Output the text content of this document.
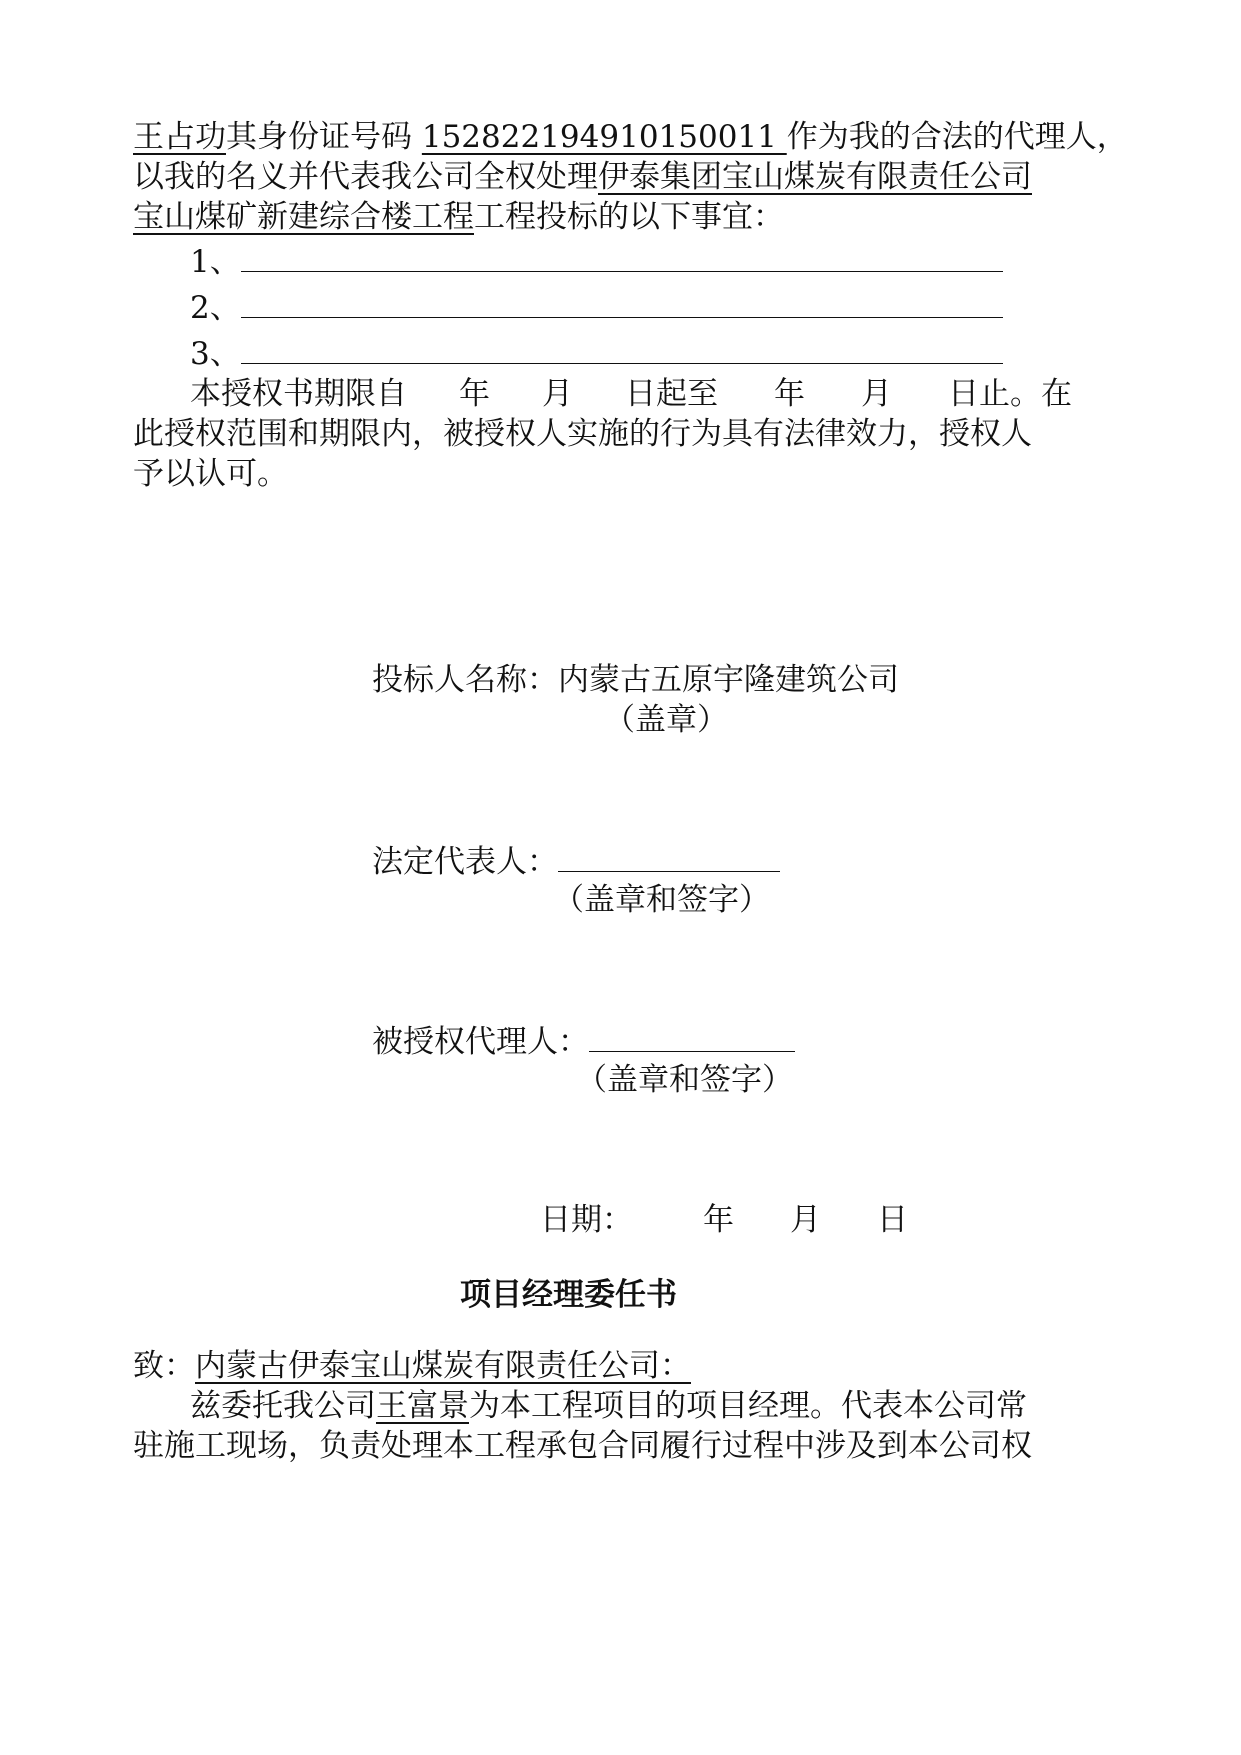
王占功其身份证号码 152822194910150011 作为我的合法的代理人，
以我的名义并代表我公司全权处理伊泰集团宝山煤炭有限责任公司
宝山煤矿新建综合楼工程工程投标的以下事宜：
1、
2、
3、
本授权书期限自 年 月 日起至 年 月 日止。在
此授权范围和期限内，被授权人实施的行为具有法律效力，授权人
予以认可。
投标人名称：内蒙古五原宇隆建筑公司
（盖章）
法定代表人：
（盖章和签字）
被授权代理人：
（盖章和签字）
日期： 年 月 日
项目经理委任书
致：内蒙古伊泰宝山煤炭有限责任公司：
兹委托我公司王富景为本工程项目的项目经理。代表本公司常
驻施工现场，负责处理本工程承包合同履行过程中涉及到本公司权
